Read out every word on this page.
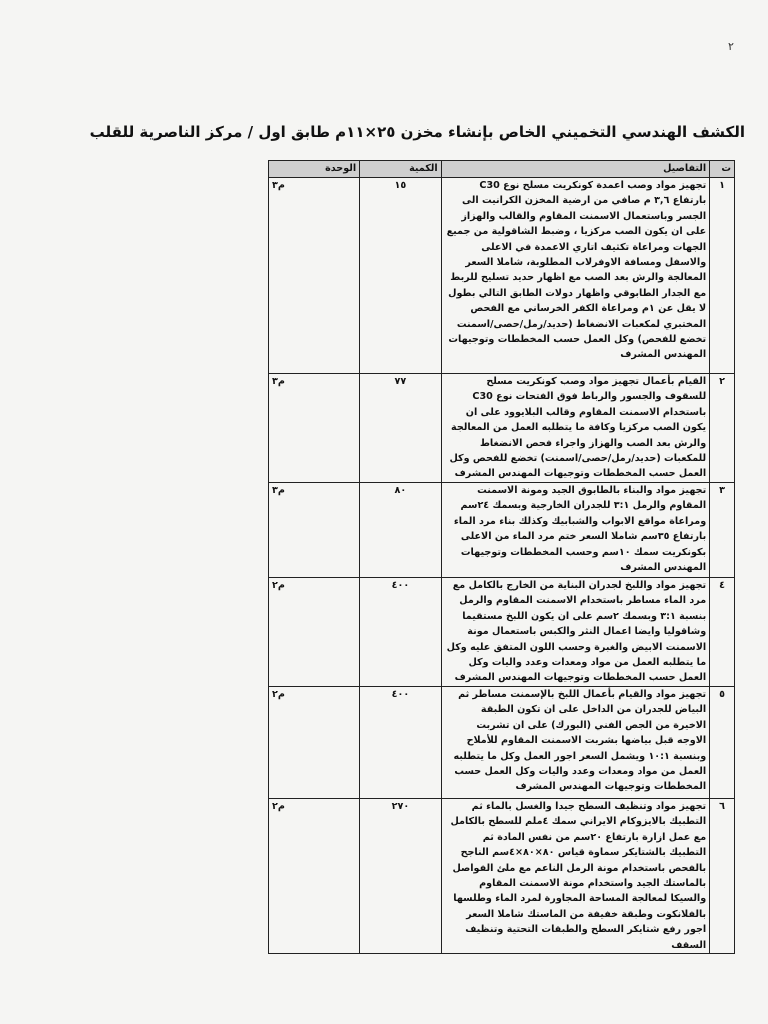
٢
الكشف الهندسي التخميني الخاص بإنشاء مخزن ٢٥×١١م طابق اول / مركز الناصرية للقلب
ت	التفاصيل	الكمية	الوحدة
١	تجهيز مواد وصب اعمدة كونكريت مسلح نوع C30 بارتفاع ٣,٦ م صافي من ارضية المخزن الكرانيت الى الجسر وباستعمال الاسمنت المقاوم والقالب والهزاز على ان يكون الصب مركزيا ، وضبط الشاقولية من جميع الجهات ومراعاة تكثيف اتاري الاعمدة في الاعلى والاسفل ومسافة الاوفرلاب المطلوبة، شاملا السعر المعالجة والرش بعد الصب مع اظهار حديد تسليح للربط مع الجدار الطابوقي واظهار دولات الطابق التالي بطول لا يقل عن ١م ومراعاة الكفر الخرساني مع الفحص المختبري لمكعبات الانضغاط (حديد/رمل/حصى/اسمنت تخضع للفحص) وكل العمل حسب المخططات وتوجيهات المهندس المشرف	١٥	م٣
٢	القيام بأعمال تجهيز مواد وصب كونكريت مسلح للسقوف والجسور والرباط فوق الفتحات نوع C30 باستخدام الاسمنت المقاوم وقالب البلايوود على ان يكون الصب مركزيا وكافة ما يتطلبه العمل من المعالجة والرش بعد الصب والهزاز واجراء فحص الانضغاط للمكعبات (حديد/رمل/حصى/اسمنت) تخضع للفحص وكل العمل حسب المخططات وتوجيهات المهندس المشرف	٧٧	م٣
٣	تجهيز مواد والبناء بالطابوق الجيد ومونة الاسمنت المقاوم والرمل ٣:١ للجدران الخارجية وبسمك ٢٤سم ومراعاة مواقع الابواب والشبابيك وكذلك بناء مرد الماء بارتفاع ٣٥سم شاملا السعر ختم مرد الماء من الاعلى بكونكريت سمك ١٠سم وحسب المخططات وتوجيهات المهندس المشرف	٨٠	م٣
٤	تجهيز مواد واللبخ لجدران البناية من الخارج بالكامل مع مرد الماء مساطر باستخدام الاسمنت المقاوم والرمل بنسبة ٣:١ وبسمك ٢سم على ان يكون اللبخ مستقيما وشاقوليا وايضا اعمال النثر والكبس باستعمال مونة الاسمنت الابيض والغبرة وحسب اللون المتفق عليه وكل ما يتطلبه العمل من مواد ومعدات وعدد واليات وكل العمل حسب المخططات وتوجيهات المهندس المشرف	٤٠٠	م٢
٥	تجهيز مواد والقيام بأعمال اللبخ بالإسمنت مساطر ثم البياض للجدران من الداخل على ان تكون الطبقة الاخيرة من الجص الفني (البورك) على ان تشربت الاوجه قبل بياضها بشربت الاسمنت المقاوم للأملاح وبنسبة ١٠:١ ويشمل السعر اجور العمل وكل ما يتطلبه العمل من مواد ومعدات وعدد واليات وكل العمل حسب المخططات وتوجيهات المهندس المشرف	٤٠٠	م٢
٦	تجهيز مواد وتنظيف السطح جيدا والغسل بالماء ثم التطبيك بالايزوكام الايراني سمك ٤ملم للسطح بالكامل مع عمل ازارة بارتفاع ٢٠سم من نفس المادة ثم التطبيك بالشتايكر سماوة قياس ٨٠×٨٠×٤سم الناجح بالفحص باستخدام مونة الرمل الناعم مع ملئ الفواصل بالماستك الجيد واستخدام مونة الاسمنت المقاوم والسيكا لمعالجة المساحة المجاورة لمرد الماء وطلسها بالفلانكوت وطبقة خفيفة من الماستك شاملا السعر اجور رفع شتايكر السطح والطبقات التحتية وتنظيف السقف	٢٧٠	م٢
